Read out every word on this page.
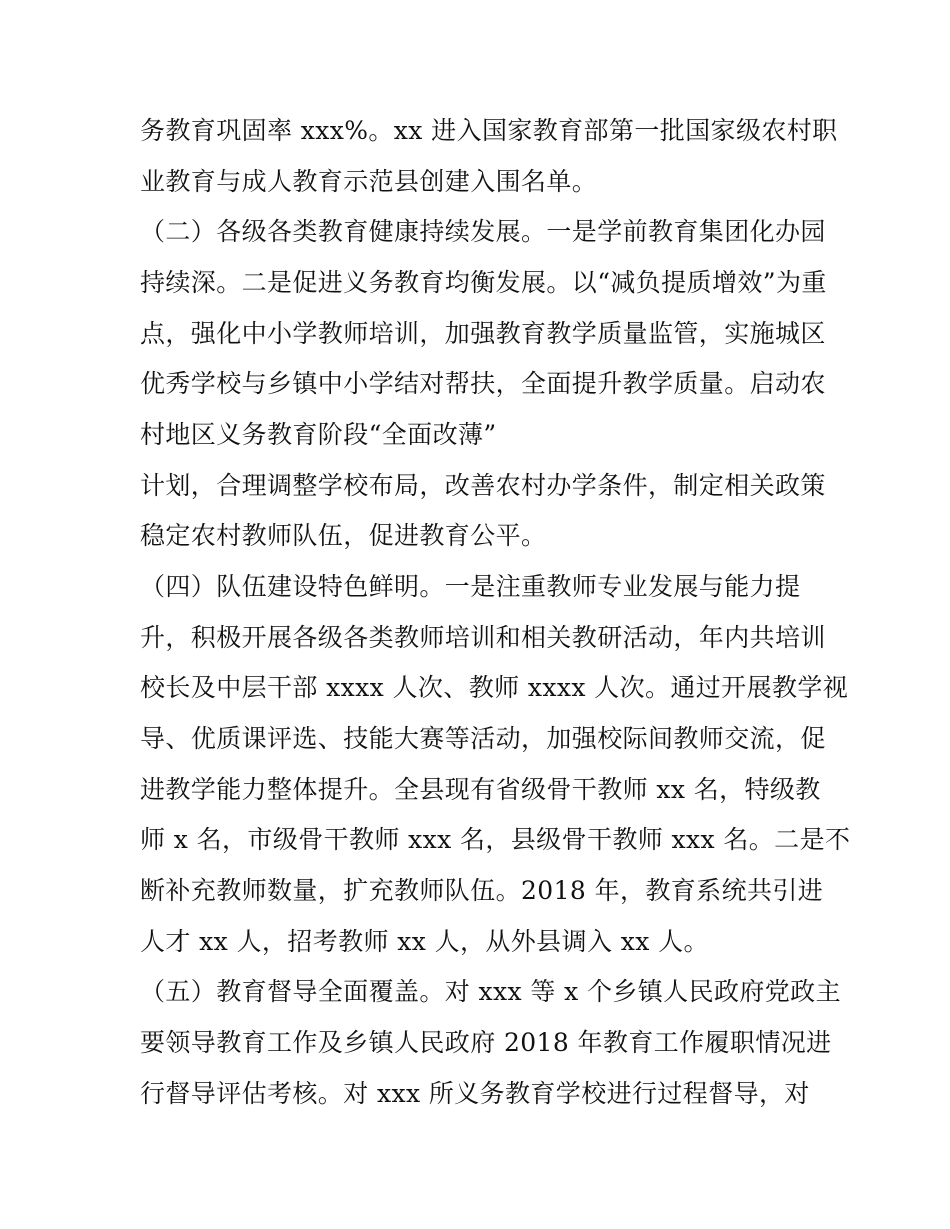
务教育巩固率 xxx%。xx 进入国家教育部第一批国家级农村职
业教育与成人教育示范县创建入围名单。
（二）各级各类教育健康持续发展。一是学前教育集团化办园
持续深。二是促进义务教育均衡发展。以“减负提质增效”为重
点，强化中小学教师培训，加强教育教学质量监管，实施城区
优秀学校与乡镇中小学结对帮扶，全面提升教学质量。启动农
村地区义务教育阶段“全面改薄”
计划，合理调整学校布局，改善农村办学条件，制定相关政策
稳定农村教师队伍，促进教育公平。
（四）队伍建设特色鲜明。一是注重教师专业发展与能力提
升，积极开展各级各类教师培训和相关教研活动，年内共培训
校长及中层干部 xxxx 人次、教师 xxxx 人次。通过开展教学视
导、优质课评选、技能大赛等活动，加强校际间教师交流，促
进教学能力整体提升。全县现有省级骨干教师 xx 名，特级教
师 x 名，市级骨干教师 xxx 名，县级骨干教师 xxx 名。二是不
断补充教师数量，扩充教师队伍。2018 年，教育系统共引进
人才 xx 人，招考教师 xx 人，从外县调入 xx 人。
（五）教育督导全面覆盖。对 xxx 等 x 个乡镇人民政府党政主
要领导教育工作及乡镇人民政府 2018 年教育工作履职情况进
行督导评估考核。对 xxx 所义务教育学校进行过程督导，对
